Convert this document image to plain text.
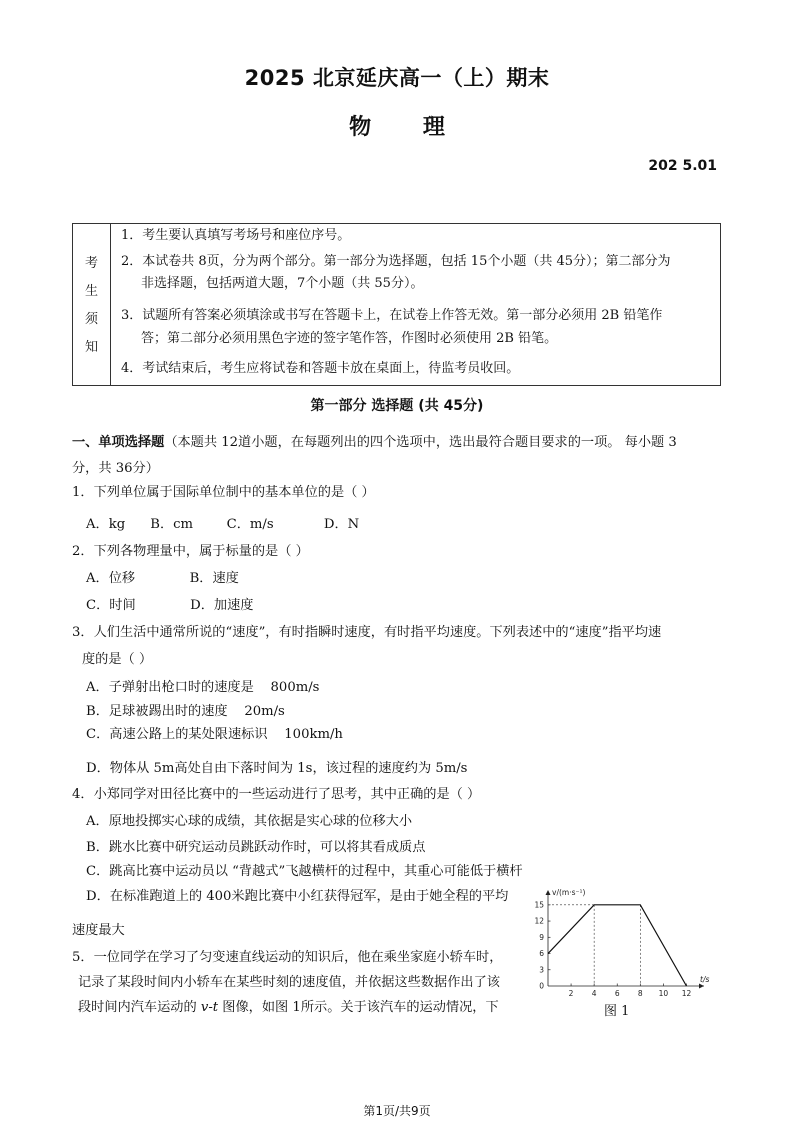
2025 北京延庆高一（上）期末
物 理
202 5.01
考
生
须
知
1．考生要认真填写考场号和座位序号。
2．本试卷共 8页，分为两个部分。第一部分为选择题，包括 15个小题（共 45分）；第二部分为
非选择题，包括两道大题，7个小题（共 55分）。
3．试题所有答案必须填涂或书写在答题卡上，在试卷上作答无效。第一部分必须用 2B 铅笔作
答；第二部分必须用黑色字迹的签字笔作答，作图时必须使用 2B 铅笔。
4．考试结束后，考生应将试卷和答题卡放在桌面上，待监考员收回。
第一部分 选择题 (共 45分)
一、单项选择题（本题共 12道小题，在每题列出的四个选项中，选出最符合题目要求的一项。 每小题 3
分，共 36分）
1．下列单位属于国际单位制中的基本单位的是（ ）
A．kg      B．cm        C．m/s            D．N
2．下列各物理量中，属于标量的是（ ）
A．位移             B．速度
C．时间             D．加速度
3．人们生活中通常所说的“速度”，有时指瞬时速度，有时指平均速度。下列表述中的“速度”指平均速
度的是（ ）
A．子弹射出枪口时的速度是    800m/s
B．足球被踢出时的速度    20m/s
C．高速公路上的某处限速标识    100km/h
D．物体从 5m高处自由下落时间为 1s，该过程的速度约为 5m/s
4．小郑同学对田径比赛中的一些运动进行了思考，其中正确的是（ ）
A．原地投掷实心球的成绩，其依据是实心球的位移大小
B．跳水比赛中研究运动员跳跃动作时，可以将其看成质点
C．跳高比赛中运动员以 “背越式”飞越横杆的过程中，其重心可能低于横杆
D．在标准跑道上的 400米跑比赛中小红获得冠军，是由于她全程的平均
速度最大
5．一位同学在学习了匀变速直线运动的知识后，他在乘坐家庭小轿车时，
记录了某段时间内小轿车在某些时刻的速度值，并依据这些数据作出了该
段时间内汽车运动的 v-t 图像，如图 1所示。关于该汽车的运动情况，下
2 4 6 8 10 12
0
3
6
9
12
15
t/s
v/(m·s⁻¹)
图 1
第1页/共9页
